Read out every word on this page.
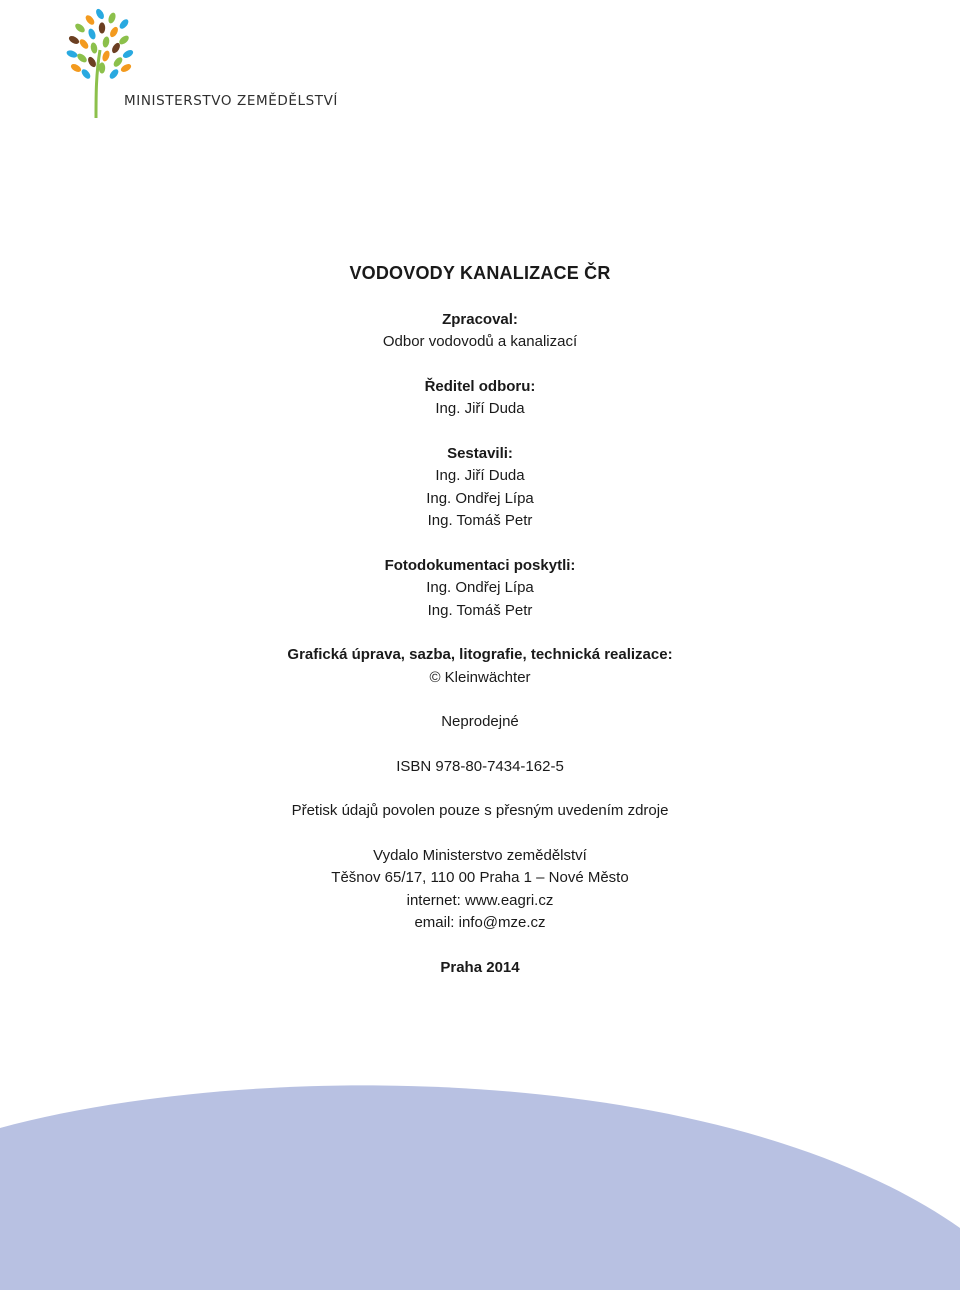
MINISTERSTVO ZEMĚDĚLSTVÍ
VODOVODY KANALIZACE ČR
Zpracoval:
Odbor vodovodů a kanalizací
Ředitel odboru:
Ing. Jiří Duda
Sestavili:
Ing. Jiří Duda
Ing. Ondřej Lípa
Ing. Tomáš Petr
Fotodokumentaci poskytli:
Ing. Ondřej Lípa
Ing. Tomáš Petr
Grafická úprava, sazba, litografie, technická realizace:
© Kleinwächter
Neprodejné
ISBN 978-80-7434-162-5
Přetisk údajů povolen pouze s přesným uvedením zdroje
Vydalo Ministerstvo zemědělství
Těšnov 65/17, 110 00 Praha 1 – Nové Město
internet: www.eagri.cz
email: info@mze.cz
Praha 2014
